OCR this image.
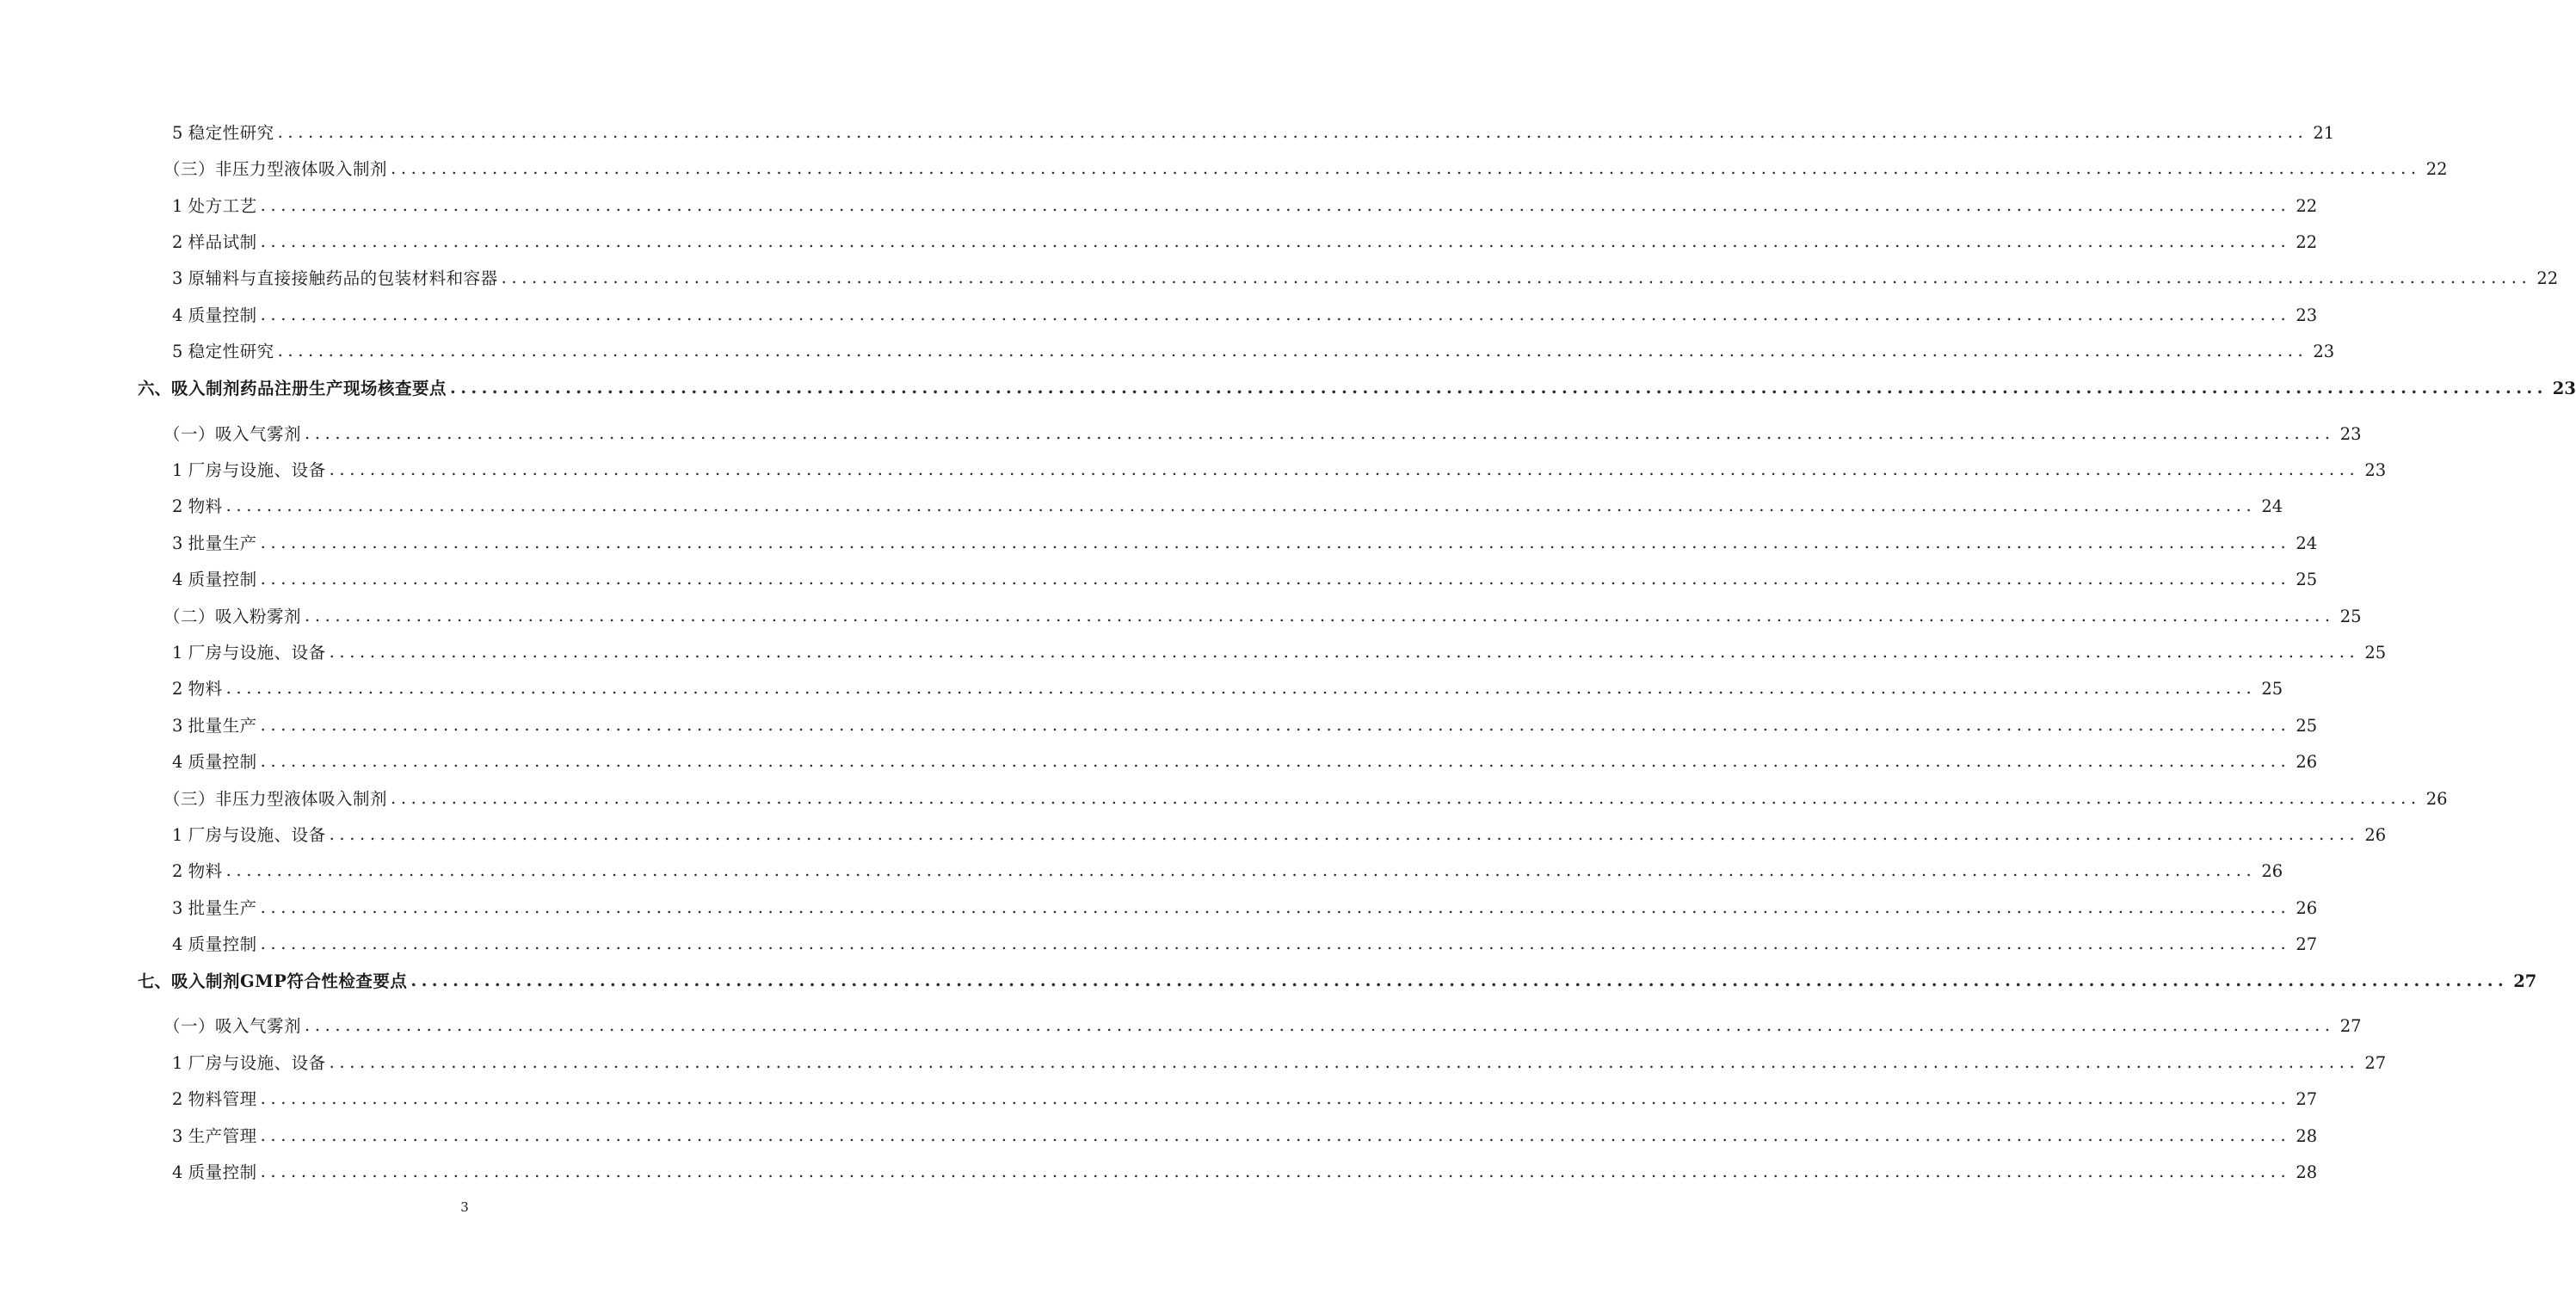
5 稳定性研究 ........................................................................................................................................................................................................ 21
（三）非压力型液体吸入制剂 ........................................................................................................................................................................................................ 22
1 处方工艺 ........................................................................................................................................................................................................ 22
2 样品试制 ........................................................................................................................................................................................................ 22
3 原辅料与直接接触药品的包装材料和容器 ........................................................................................................................................................................................................ 22
4 质量控制 ........................................................................................................................................................................................................ 23
5 稳定性研究 ........................................................................................................................................................................................................ 23
六、 吸入制剂药品注册生产现场核查要点 ........................................................................................................................................................................................................ 23
（一）吸入气雾剂 ........................................................................................................................................................................................................ 23
1 厂房与设施、设备 ........................................................................................................................................................................................................ 23
2 物料 ........................................................................................................................................................................................................ 24
3 批量生产 ........................................................................................................................................................................................................ 24
4 质量控制 ........................................................................................................................................................................................................ 25
（二）吸入粉雾剂 ........................................................................................................................................................................................................ 25
1 厂房与设施、设备 ........................................................................................................................................................................................................ 25
2 物料 ........................................................................................................................................................................................................ 25
3 批量生产 ........................................................................................................................................................................................................ 25
4 质量控制 ........................................................................................................................................................................................................ 26
（三）非压力型液体吸入制剂 ........................................................................................................................................................................................................ 26
1 厂房与设施、设备 ........................................................................................................................................................................................................ 26
2 物料 ........................................................................................................................................................................................................ 26
3 批量生产 ........................................................................................................................................................................................................ 26
4 质量控制 ........................................................................................................................................................................................................ 27
七、 吸入制剂GMP符合性检查要点 ........................................................................................................................................................................................................ 27
（一）吸入气雾剂 ........................................................................................................................................................................................................ 27
1 厂房与设施、设备 ........................................................................................................................................................................................................ 27
2 物料管理 ........................................................................................................................................................................................................ 27
3 生产管理 ........................................................................................................................................................................................................ 28
4 质量控制 ........................................................................................................................................................................................................ 28
3
